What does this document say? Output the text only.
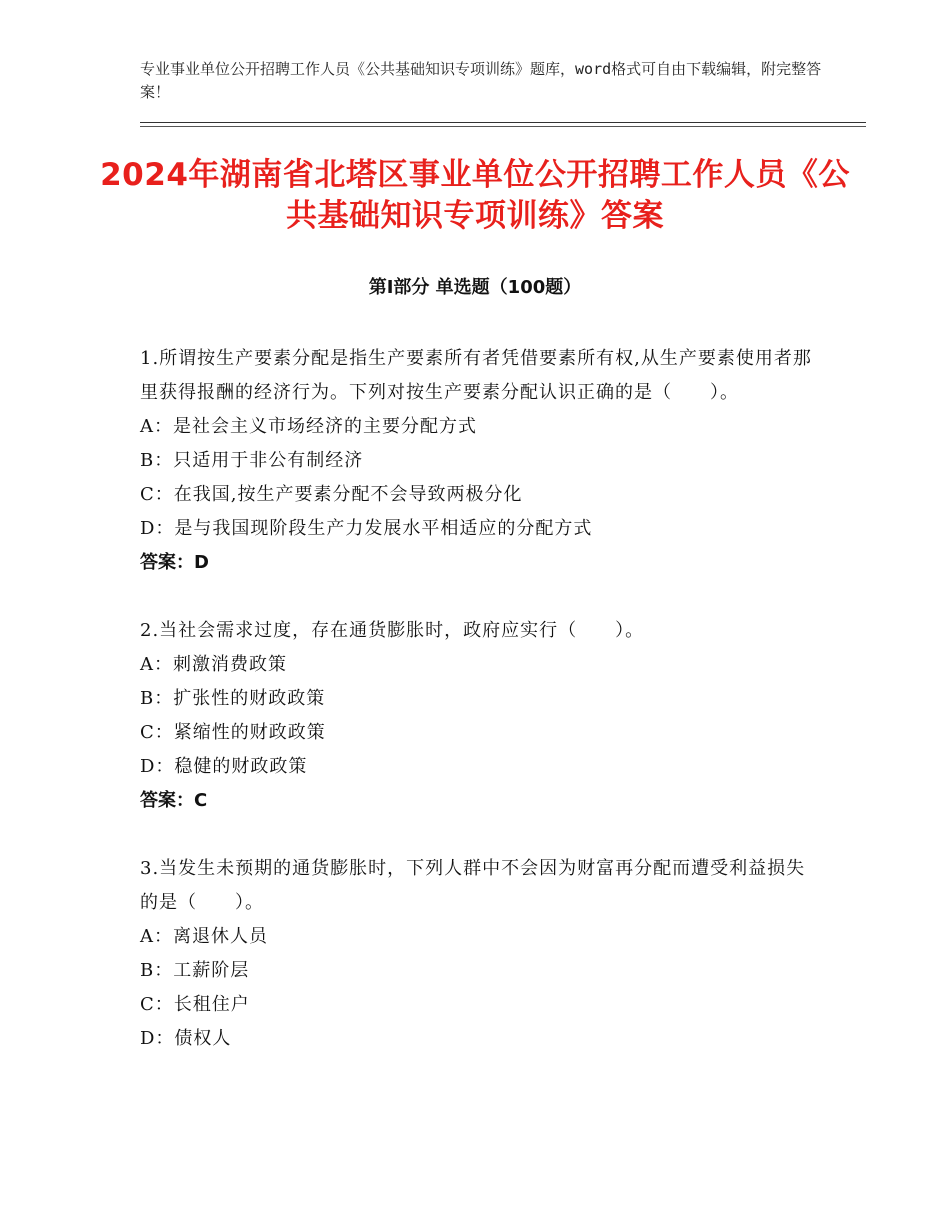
专业事业单位公开招聘工作人员《公共基础知识专项训练》题库，word格式可自由下载编辑，附完整答案！
2024年湖南省北塔区事业单位公开招聘工作人员《公共基础知识专项训练》答案
第Ⅰ部分 单选题（100题）
1.所谓按生产要素分配是指生产要素所有者凭借要素所有权,从生产要素使用者那里获得报酬的经济行为。下列对按生产要素分配认识正确的是（　　）。
A：是社会主义市场经济的主要分配方式
B：只适用于非公有制经济
C：在我国,按生产要素分配不会导致两极分化
D：是与我国现阶段生产力发展水平相适应的分配方式
答案：D
2.当社会需求过度，存在通货膨胀时，政府应实行（　　）。
A：刺激消费政策
B：扩张性的财政政策
C：紧缩性的财政政策
D：稳健的财政政策
答案：C
3.当发生未预期的通货膨胀时，下列人群中不会因为财富再分配而遭受利益损失的是（　　）。
A：离退休人员
B：工薪阶层
C：长租住户
D：债权人
